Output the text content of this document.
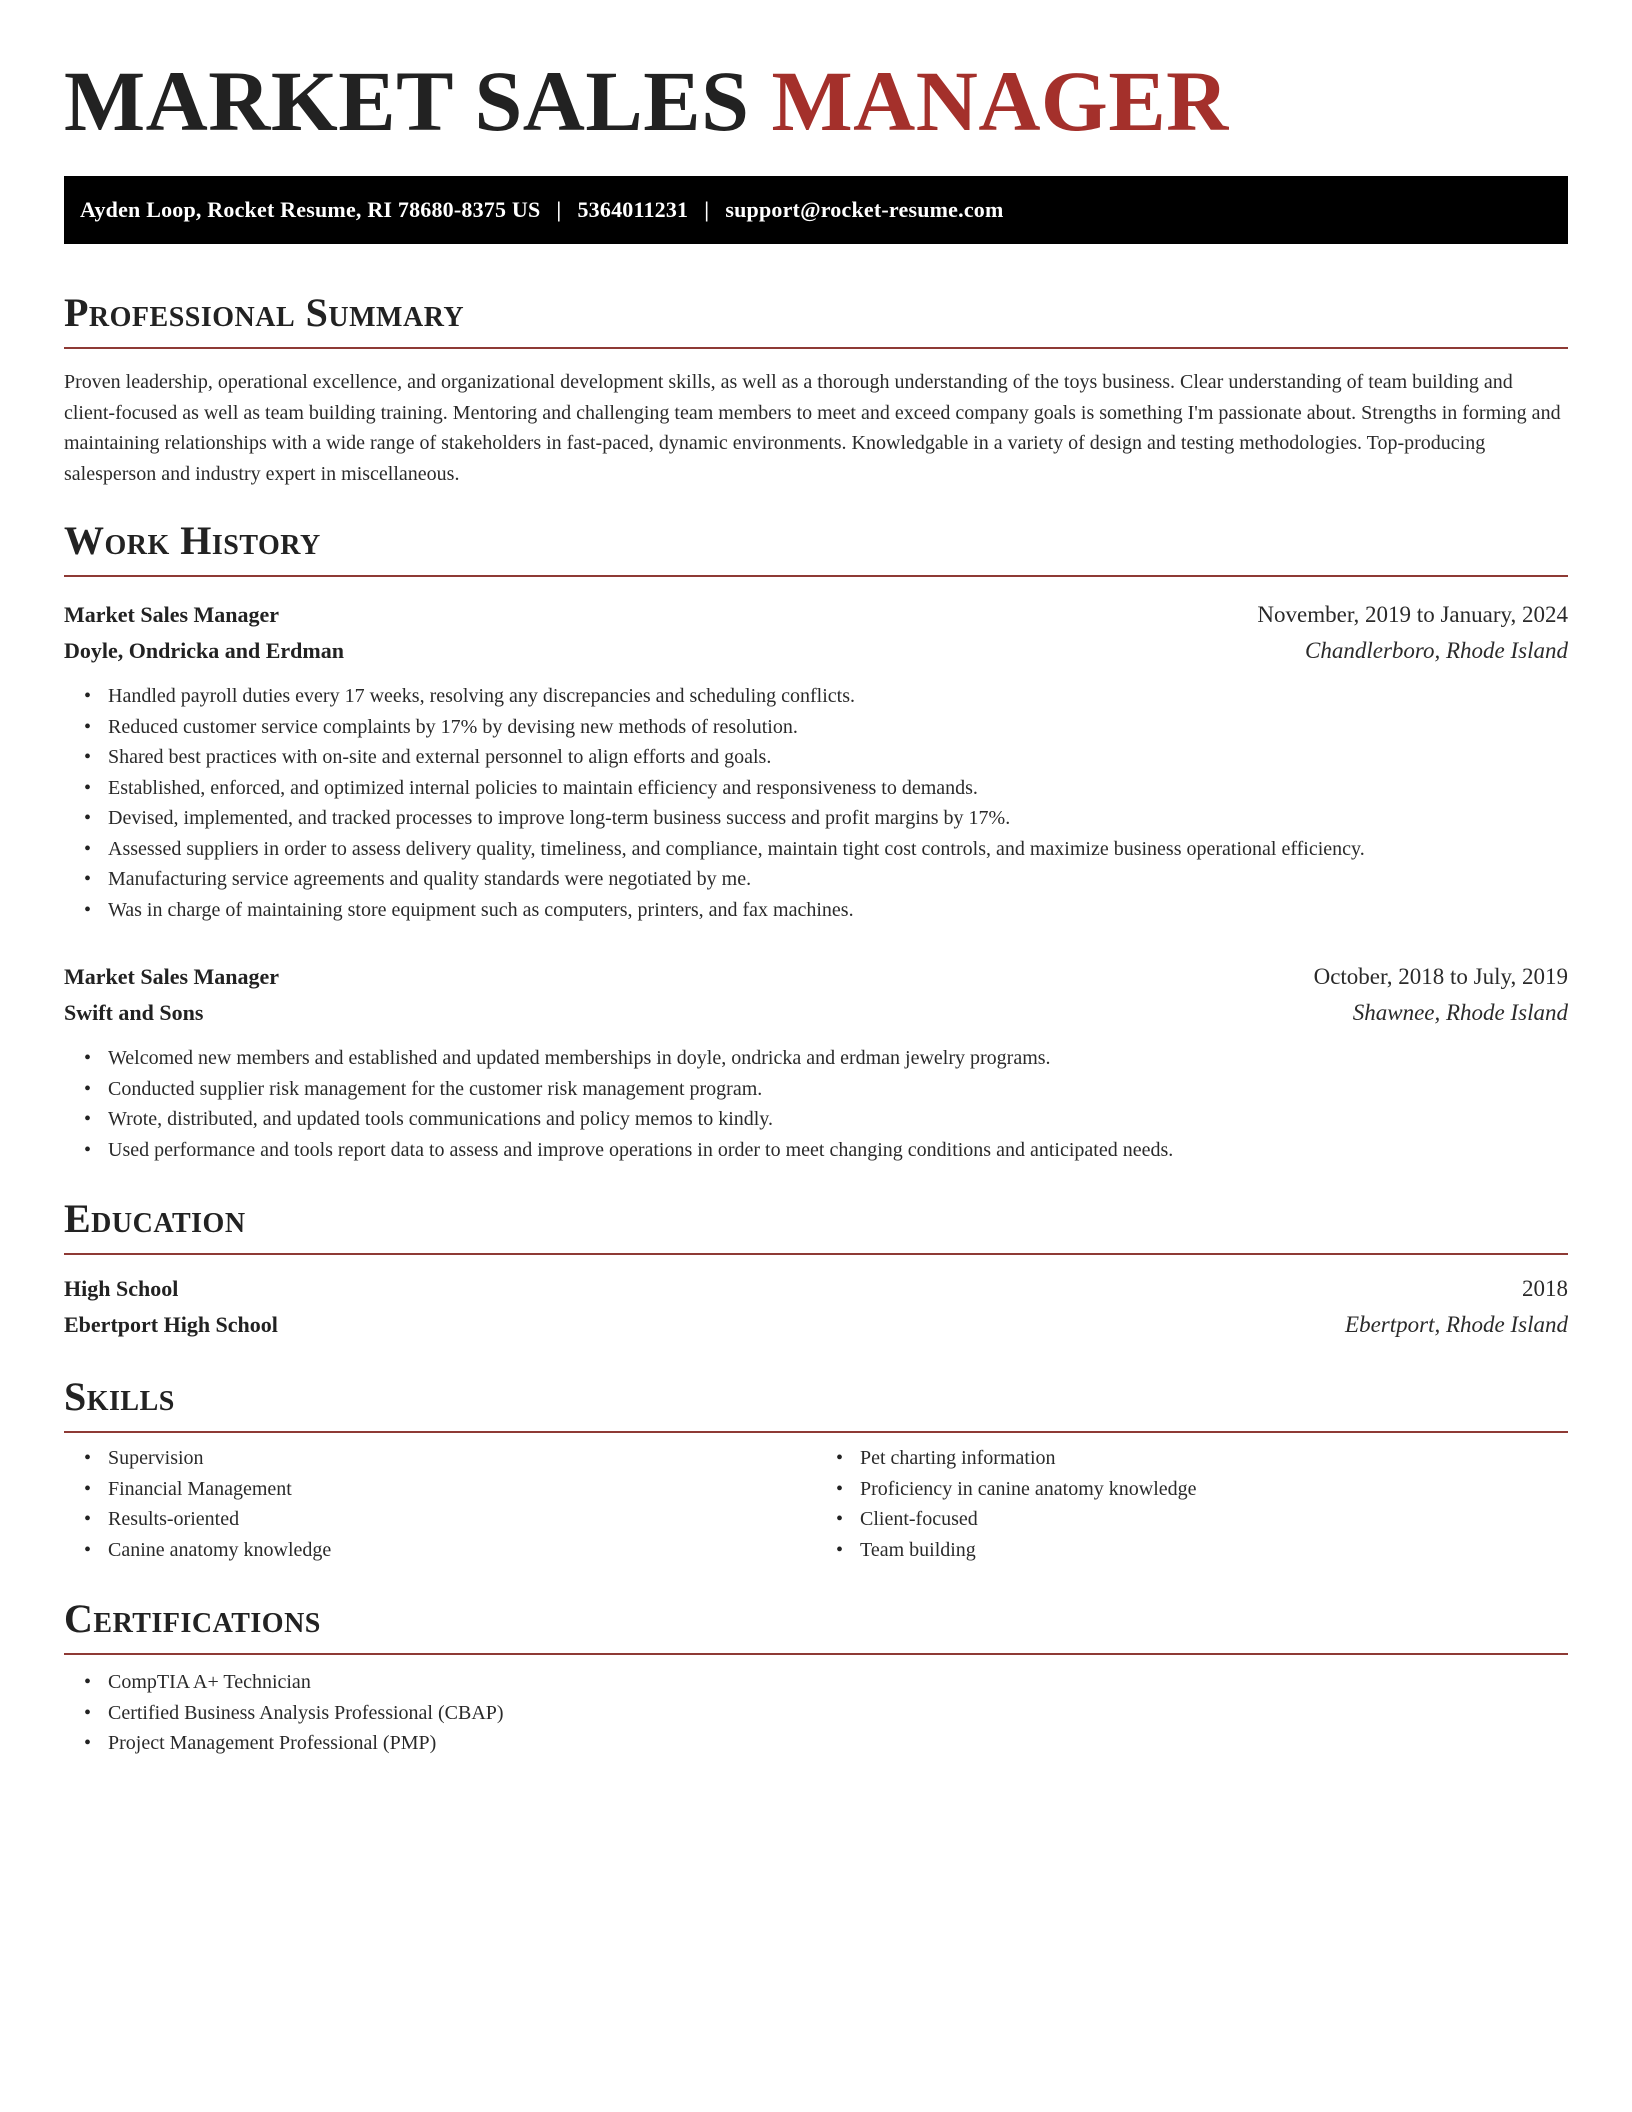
MARKET SALES MANAGER
Ayden Loop, Rocket Resume, RI 78680-8375 US | 5364011231 | support@rocket-resume.com
Professional Summary

Proven leadership, operational excellence, and organizational development skills, as well as a thorough understanding of the toys business. Clear understanding of team building and client-focused as well as team building training. Mentoring and challenging team members to meet and exceed company goals is something I'm passionate about. Strengths in forming and maintaining relationships with a wide range of stakeholders in fast-paced, dynamic environments. Knowledgable in a variety of design and testing methodologies. Top-producing salesperson and industry expert in miscellaneous.

Work History
Market Sales Manager	November, 2019 to January, 2024
Doyle, Ondricka and Erdman	Chandlerboro, Rhode Island
• Handled payroll duties every 17 weeks, resolving any discrepancies and scheduling conflicts.
• Reduced customer service complaints by 17% by devising new methods of resolution.
• Shared best practices with on-site and external personnel to align efforts and goals.
• Established, enforced, and optimized internal policies to maintain efficiency and responsiveness to demands.
• Devised, implemented, and tracked processes to improve long-term business success and profit margins by 17%.
• Assessed suppliers in order to assess delivery quality, timeliness, and compliance, maintain tight cost controls, and maximize business operational efficiency.
• Manufacturing service agreements and quality standards were negotiated by me.
• Was in charge of maintaining store equipment such as computers, printers, and fax machines.
Market Sales Manager	October, 2018 to July, 2019
Swift and Sons	Shawnee, Rhode Island
• Welcomed new members and established and updated memberships in doyle, ondricka and erdman jewelry programs.
• Conducted supplier risk management for the customer risk management program.
• Wrote, distributed, and updated tools communications and policy memos to kindly.
• Used performance and tools report data to assess and improve operations in order to meet changing conditions and anticipated needs.
Education
High School	2018
Ebertport High School	Ebertport, Rhode Island
Skills
• Supervision
• Financial Management
• Results-oriented
• Canine anatomy knowledge
• Pet charting information
• Proficiency in canine anatomy knowledge
• Client-focused
• Team building
Certifications
• CompTIA A+ Technician
• Certified Business Analysis Professional (CBAP)
• Project Management Professional (PMP)
